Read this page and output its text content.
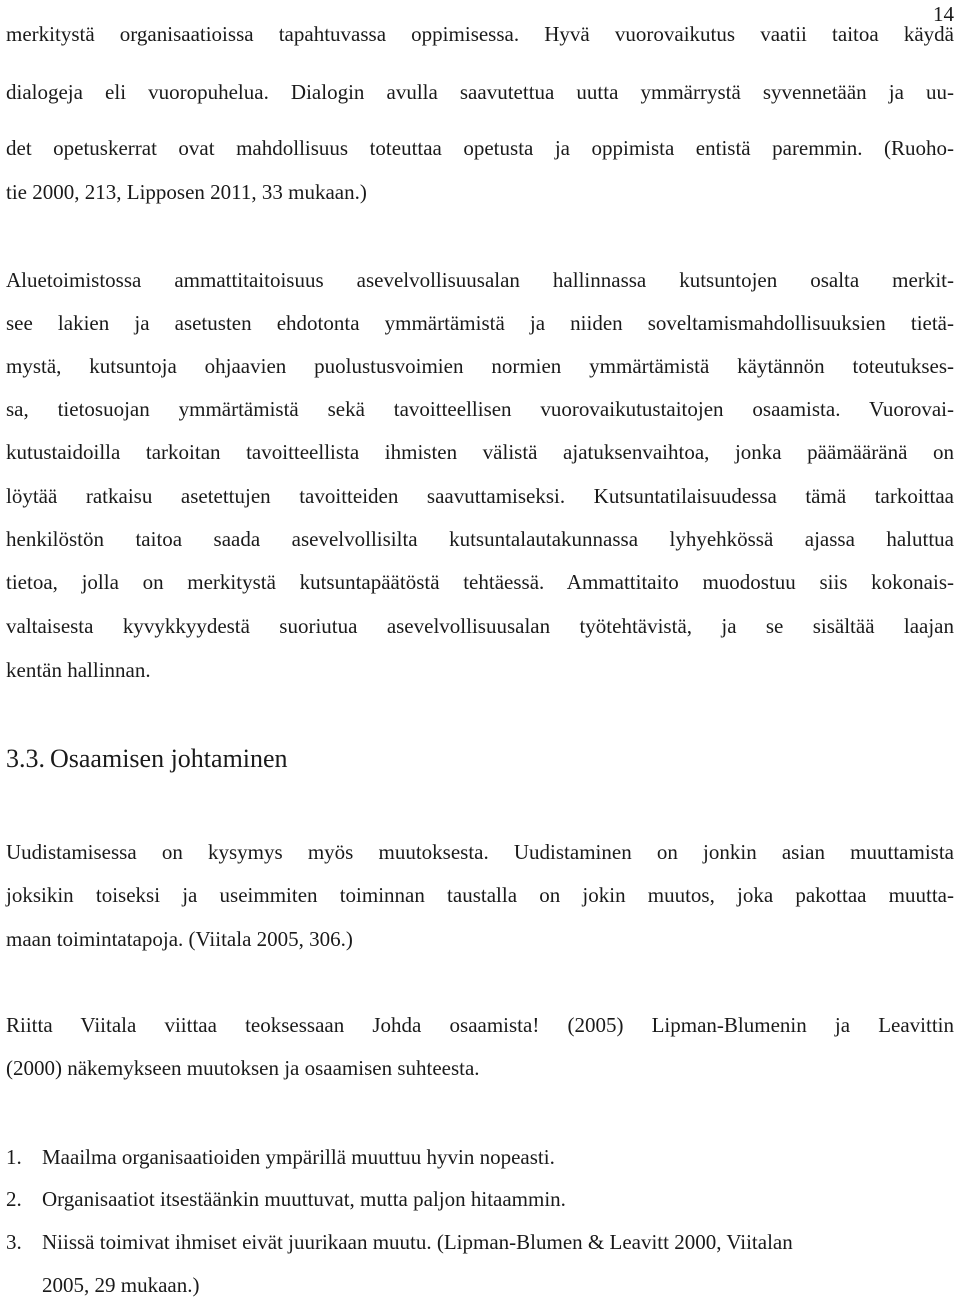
14
merkitystä organisaatioissa tapahtuvassa oppimisessa. Hyvä vuorovaikutus vaatii taitoa käydä
dialogeja eli vuoropuhelua. Dialogin avulla saavutettua uutta ymmärrystä syvennetään ja uu-
det opetuskerrat ovat mahdollisuus toteuttaa opetusta ja oppimista entistä paremmin. (Ruoho-
tie 2000, 213, Lipposen 2011, 33 mukaan.)
Aluetoimistossa ammattitaitoisuus asevelvollisuusalan hallinnassa kutsuntojen osalta merkit-
see lakien ja asetusten ehdotonta ymmärtämistä ja niiden soveltamismahdollisuuksien tietä-
mystä, kutsuntoja ohjaavien puolustusvoimien normien ymmärtämistä käytännön toteutukses-
sa, tietosuojan ymmärtämistä sekä tavoitteellisen vuorovaikutustaitojen osaamista. Vuorovai-
kutustaidoilla tarkoitan tavoitteellista ihmisten välistä ajatuksenvaihtoa, jonka päämääränä on
löytää ratkaisu asetettujen tavoitteiden saavuttamiseksi. Kutsuntatilaisuudessa tämä tarkoittaa
henkilöstön taitoa saada asevelvollisilta kutsuntalautakunnassa lyhyehkössä ajassa haluttua
tietoa, jolla on merkitystä kutsuntapäätöstä tehtäessä. Ammattitaito muodostuu siis kokonais-
valtaisesta kyvykkyydestä suoriutua asevelvollisuusalan työtehtävistä, ja se sisältää laajan
kentän hallinnan.
3.3. Osaamisen johtaminen
Uudistamisessa on kysymys myös muutoksesta. Uudistaminen on jonkin asian muuttamista
joksikin toiseksi ja useimmiten toiminnan taustalla on jokin muutos, joka pakottaa muutta-
maan toimintatapoja. (Viitala 2005, 306.)
Riitta Viitala viittaa teoksessaan Johda osaamista! (2005) Lipman-Blumenin ja Leavittin
(2000) näkemykseen muutoksen ja osaamisen suhteesta.
1. Maailma organisaatioiden ympärillä muuttuu hyvin nopeasti.
2. Organisaatiot itsestäänkin muuttuvat, mutta paljon hitaammin.
3. Niissä toimivat ihmiset eivät juurikaan muutu. (Lipman-Blumen & Leavitt 2000, Viitalan
2005, 29 mukaan.)
